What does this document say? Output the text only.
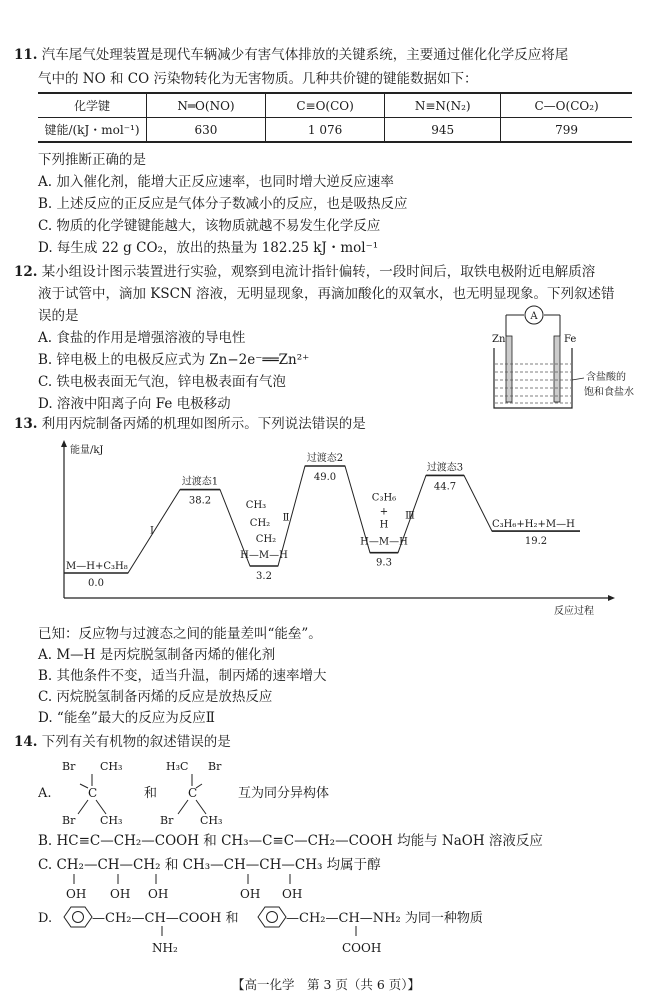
11. 汽车尾气处理装置是现代车辆减少有害气体排放的关键系统，主要通过催化化学反应将尾
气中的 NO 和 CO 污染物转化为无害物质。几种共价键的键能数据如下：
化学键	N═O(NO)	C≡O(CO)	N≡N(N₂)	C—O(CO₂)
键能/(kJ・mol⁻¹)	630	1 076	945	799
下列推断正确的是
A. 加入催化剂，能增大正反应速率，也同时增大逆反应速率
B. 上述反应的正反应是气体分子数减小的反应，也是吸热反应
C. 物质的化学键键能越大，该物质就越不易发生化学反应
D. 每生成 22 g CO₂，放出的热量为 182.25 kJ・mol⁻¹
12. 某小组设计图示装置进行实验，观察到电流计指针偏转，一段时间后，取铁电极附近电解质溶
液于试管中，滴加 KSCN 溶液，无明显现象，再滴加酸化的双氧水，也无明显现象。下列叙述错
误的是
A. 食盐的作用是增强溶液的导电性
B. 锌电极上的电极反应式为 Zn−2e⁻══Zn²⁺
C. 铁电极表面无气泡，锌电极表面有气泡
D. 溶液中阳离子向 Fe 电极移动
A
Zn	Fe
含盐酸的
饱和食盐水
13. 利用丙烷制备丙烯的机理如图所示。下列说法错误的是
能量/kJ
反应过程
0.0
38.2
3.2
49.0
9.3
44.7
19.2
过渡态1
过渡态2
过渡态3
M—H+C₃H₈
C₃H₆+H₂+M—H
H—M—H
H—M—H
CH₃
CH₂
CH₂
C₃H₆
+
H
Ⅰ
Ⅱ	Ⅲ
已知：反应物与过渡态之间的能量差叫“能垒”。
A. M—H 是丙烷脱氢制备丙烯的催化剂
B. 其他条件不变，适当升温，制丙烯的速率增大
C. 丙烷脱氢制备丙烯的反应是放热反应
D. “能垒”最大的反应为反应Ⅱ
14. 下列有关有机物的叙述错误的是
A.
Br CH₃
C
Br CH₃
和
H₃C Br
C
Br CH₃
互为同分异构体
B. HC≡C—CH₂—COOH 和 CH₃—C≡C—CH₂—COOH 均能与 NaOH 溶液反应
C. CH₂—CH—CH₂ 和 CH₃—CH—CH—CH₃ 均属于醇
OH OH OH	OH OH
D.	—CH₂—CH—COOH 和	—CH₂—CH—NH₂ 为同一种物质
NH₂	COOH
【高一化学　第 3 页（共 6 页）】
